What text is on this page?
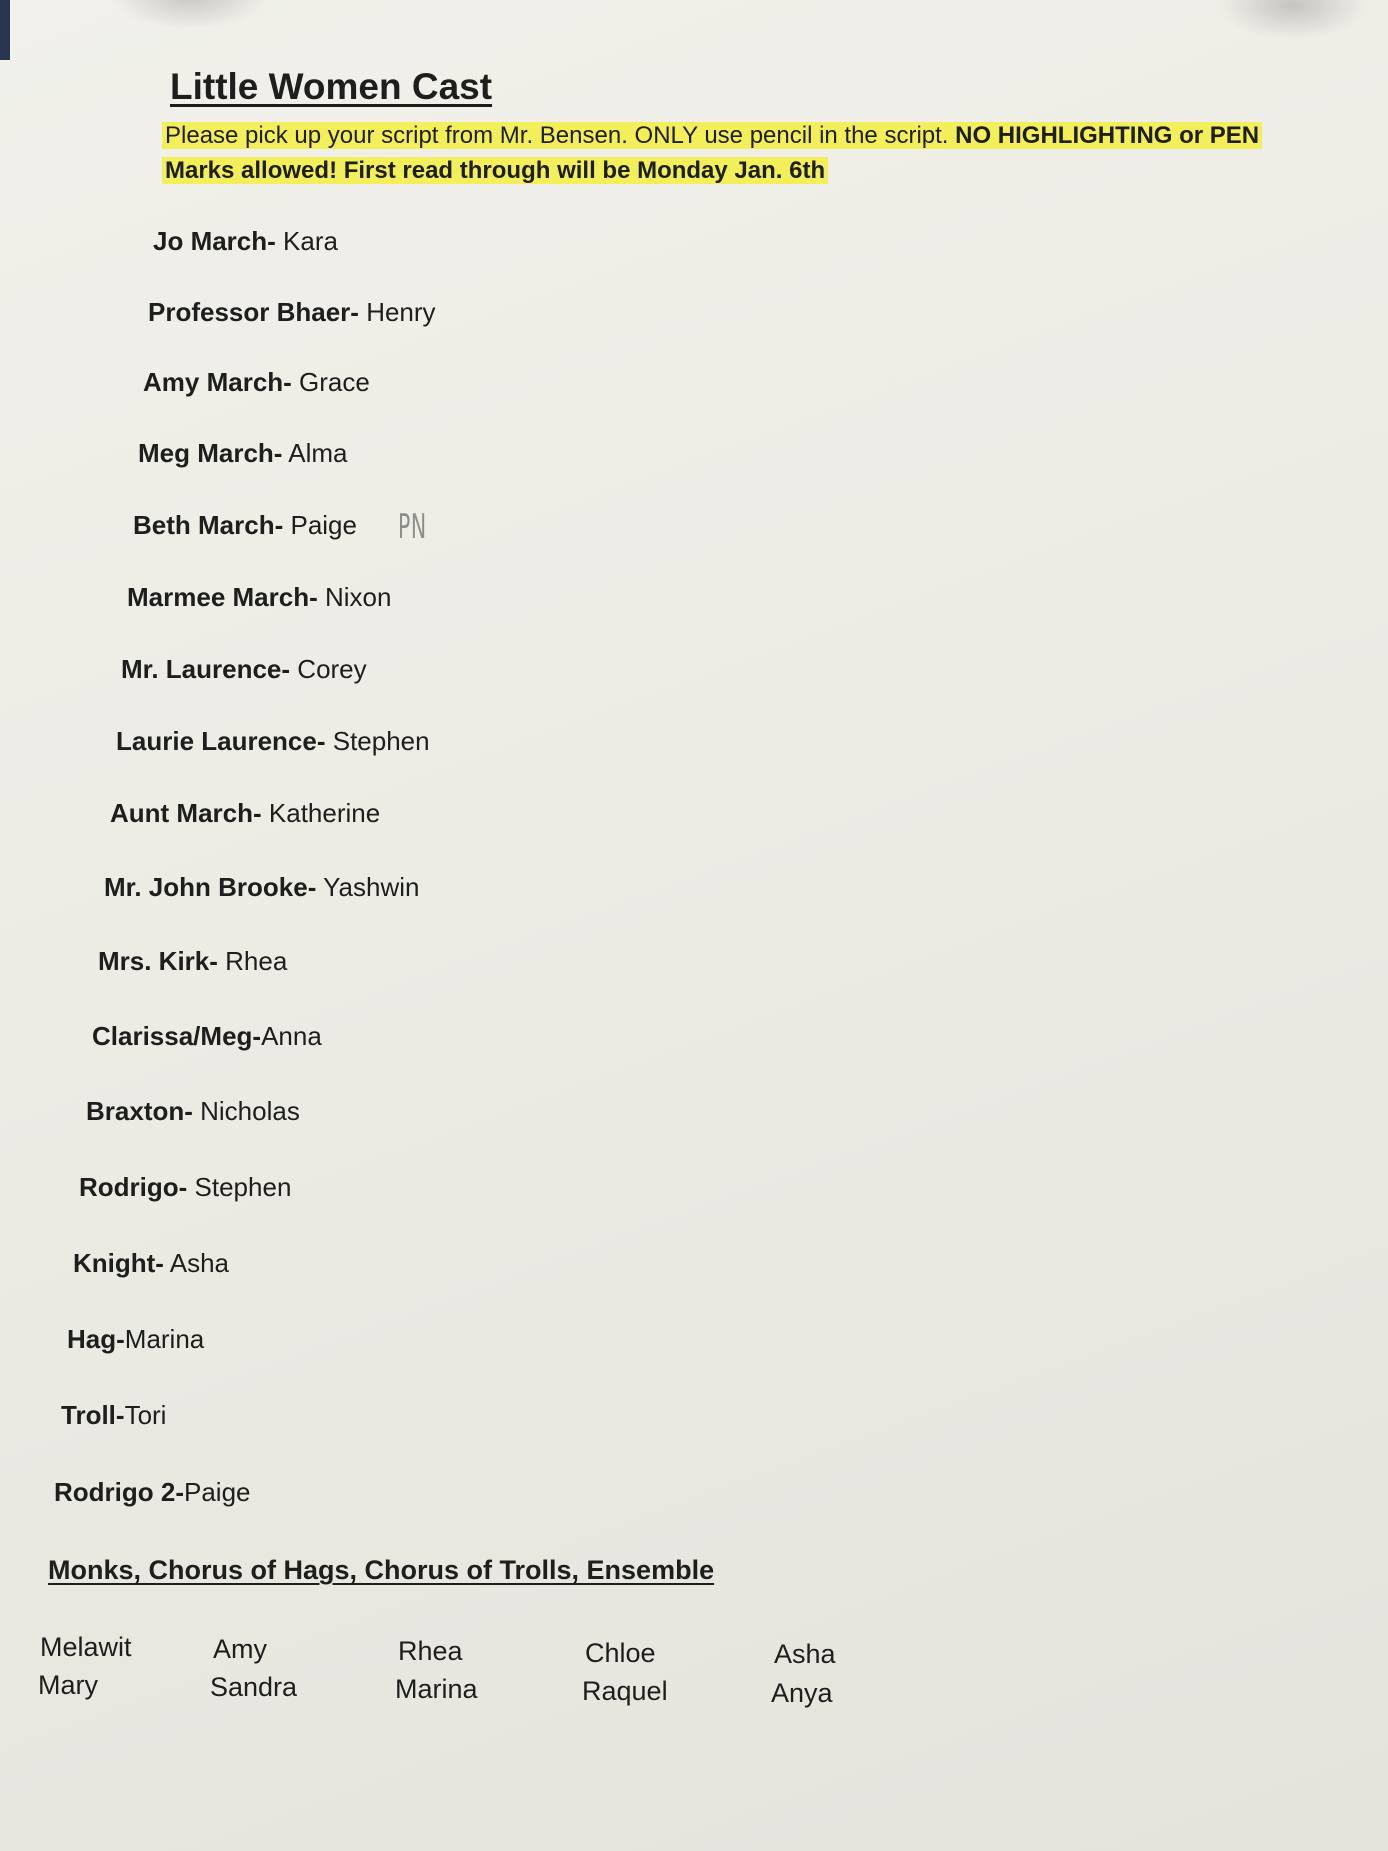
Little Women Cast
Please pick up your script from Mr. Bensen. ONLY use pencil in the script. NO HIGHLIGHTING or PEN Marks allowed! First read through will be Monday Jan. 6th
Jo March- Kara
Professor Bhaer- Henry
Amy March- Grace
Meg March- Alma
Beth March- Paige PN
Marmee March- Nixon
Mr. Laurence- Corey
Laurie Laurence- Stephen
Aunt March- Katherine
Mr. John Brooke- Yashwin
Mrs. Kirk- Rhea
Clarissa/Meg-Anna
Braxton- Nicholas
Rodrigo- Stephen
Knight- Asha
Hag-Marina
Troll-Tori
Rodrigo 2-Paige
Monks, Chorus of Hags, Chorus of Trolls, Ensemble
Melawit	Amy	Rhea	Chloe	Asha
Mary	Sandra	Marina	Raquel	Anya
